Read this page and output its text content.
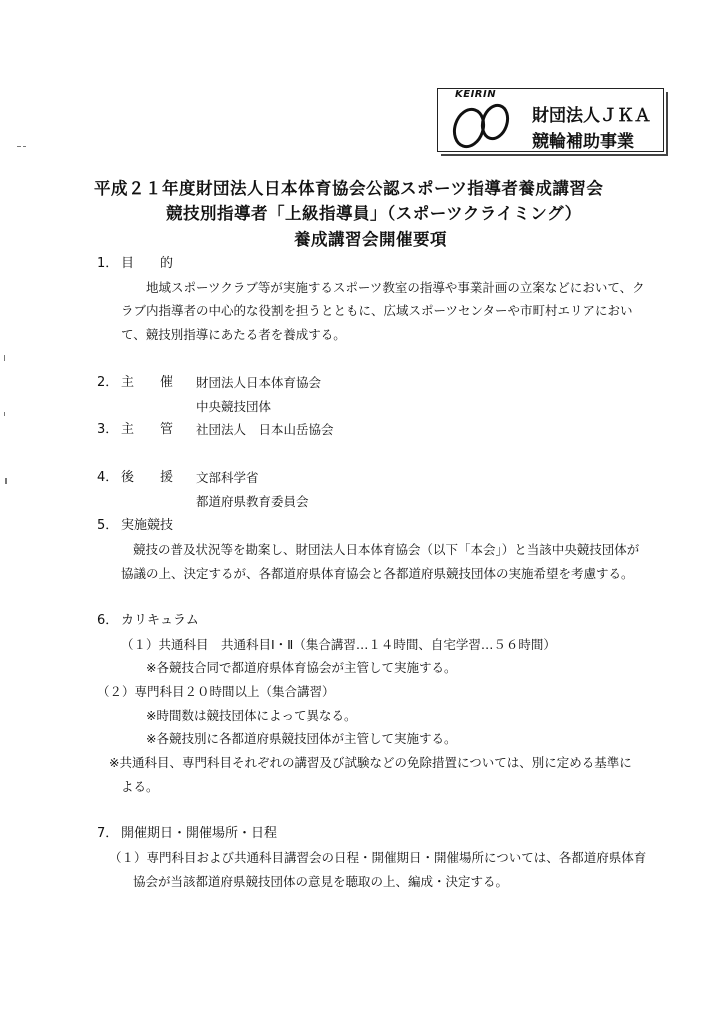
KEIRIN
財団法人ＪＫＡ
競輪補助事業
平成２１年度財団法人日本体育協会公認スポーツ指導者養成講習会
競技別指導者「上級指導員」（スポーツクライミング）
養成講習会開催要項
1． 目　　的
地域スポーツクラブ等が実施するスポーツ教室の指導や事業計画の立案などにおいて、ク
ラブ内指導者の中心的な役割を担うとともに、広域スポーツセンターや市町村エリアにおい
て、競技別指導にあたる者を養成する。
2． 主　　催 財団法人日本体育協会
中央競技団体
3． 主　　管 社団法人　日本山岳協会
4． 後　　援 文部科学省
都道府県教育委員会
5． 実施競技
競技の普及状況等を勘案し、財団法人日本体育協会（以下「本会」）と当該中央競技団体が
協議の上、決定するが、各都道府県体育協会と各都道府県競技団体の実施希望を考慮する。
6． カリキュラム
（１）共通科目　共通科目Ⅰ・Ⅱ（集合講習…１４時間、自宅学習…５６時間）
※各競技合同で都道府県体育協会が主管して実施する。
（２）専門科目２０時間以上（集合講習）
※時間数は競技団体によって異なる。
※各競技別に各都道府県競技団体が主管して実施する。
※共通科目、専門科目それぞれの講習及び試験などの免除措置については、別に定める基準に
よる。
7． 開催期日・開催場所・日程
（１）専門科目および共通科目講習会の日程・開催期日・開催場所については、各都道府県体育
協会が当該都道府県競技団体の意見を聴取の上、編成・決定する。
